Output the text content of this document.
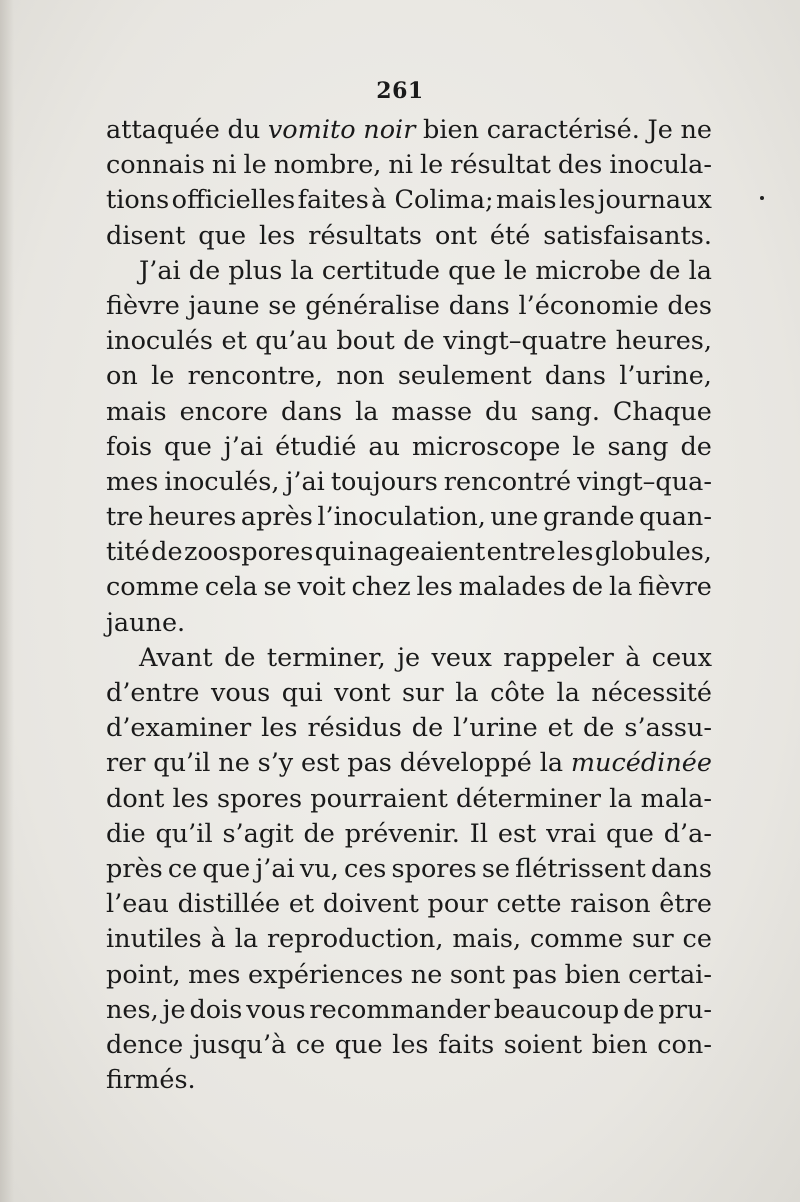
261
attaquée du vomito noir bien caractérisé. Je ne
connais ni le nombre, ni le résultat des inocula-
tions officielles faites à Colima; mais les journaux
disent que les résultats ont été satisfaisants.
J’ai de plus la certitude que le microbe de la
fièvre jaune se généralise dans l’économie des
inoculés et qu’au bout de vingt–quatre heures,
on le rencontre, non seulement dans l’urine,
mais encore dans la masse du sang. Chaque
fois que j’ai étudié au microscope le sang de
mes inoculés, j’ai toujours rencontré vingt–qua-
tre heures après l’inoculation, une grande quan-
tité de zoospores qui nageaient entre les globules,
comme cela se voit chez les malades de la fièvre
jaune.
Avant de terminer, je veux rappeler à ceux
d’entre vous qui vont sur la côte la nécessité
d’examiner les résidus de l’urine et de s’assu-
rer qu’il ne s’y est pas développé la mucédinée
dont les spores pourraient déterminer la mala-
die qu’il s’agit de prévenir. Il est vrai que d’a-
près ce que j’ai vu, ces spores se flétrissent dans
l’eau distillée et doivent pour cette raison être
inutiles à la reproduction, mais, comme sur ce
point, mes expériences ne sont pas bien certai-
nes, je dois vous recommander beaucoup de pru-
dence jusqu’à ce que les faits soient bien con-
firmés.
